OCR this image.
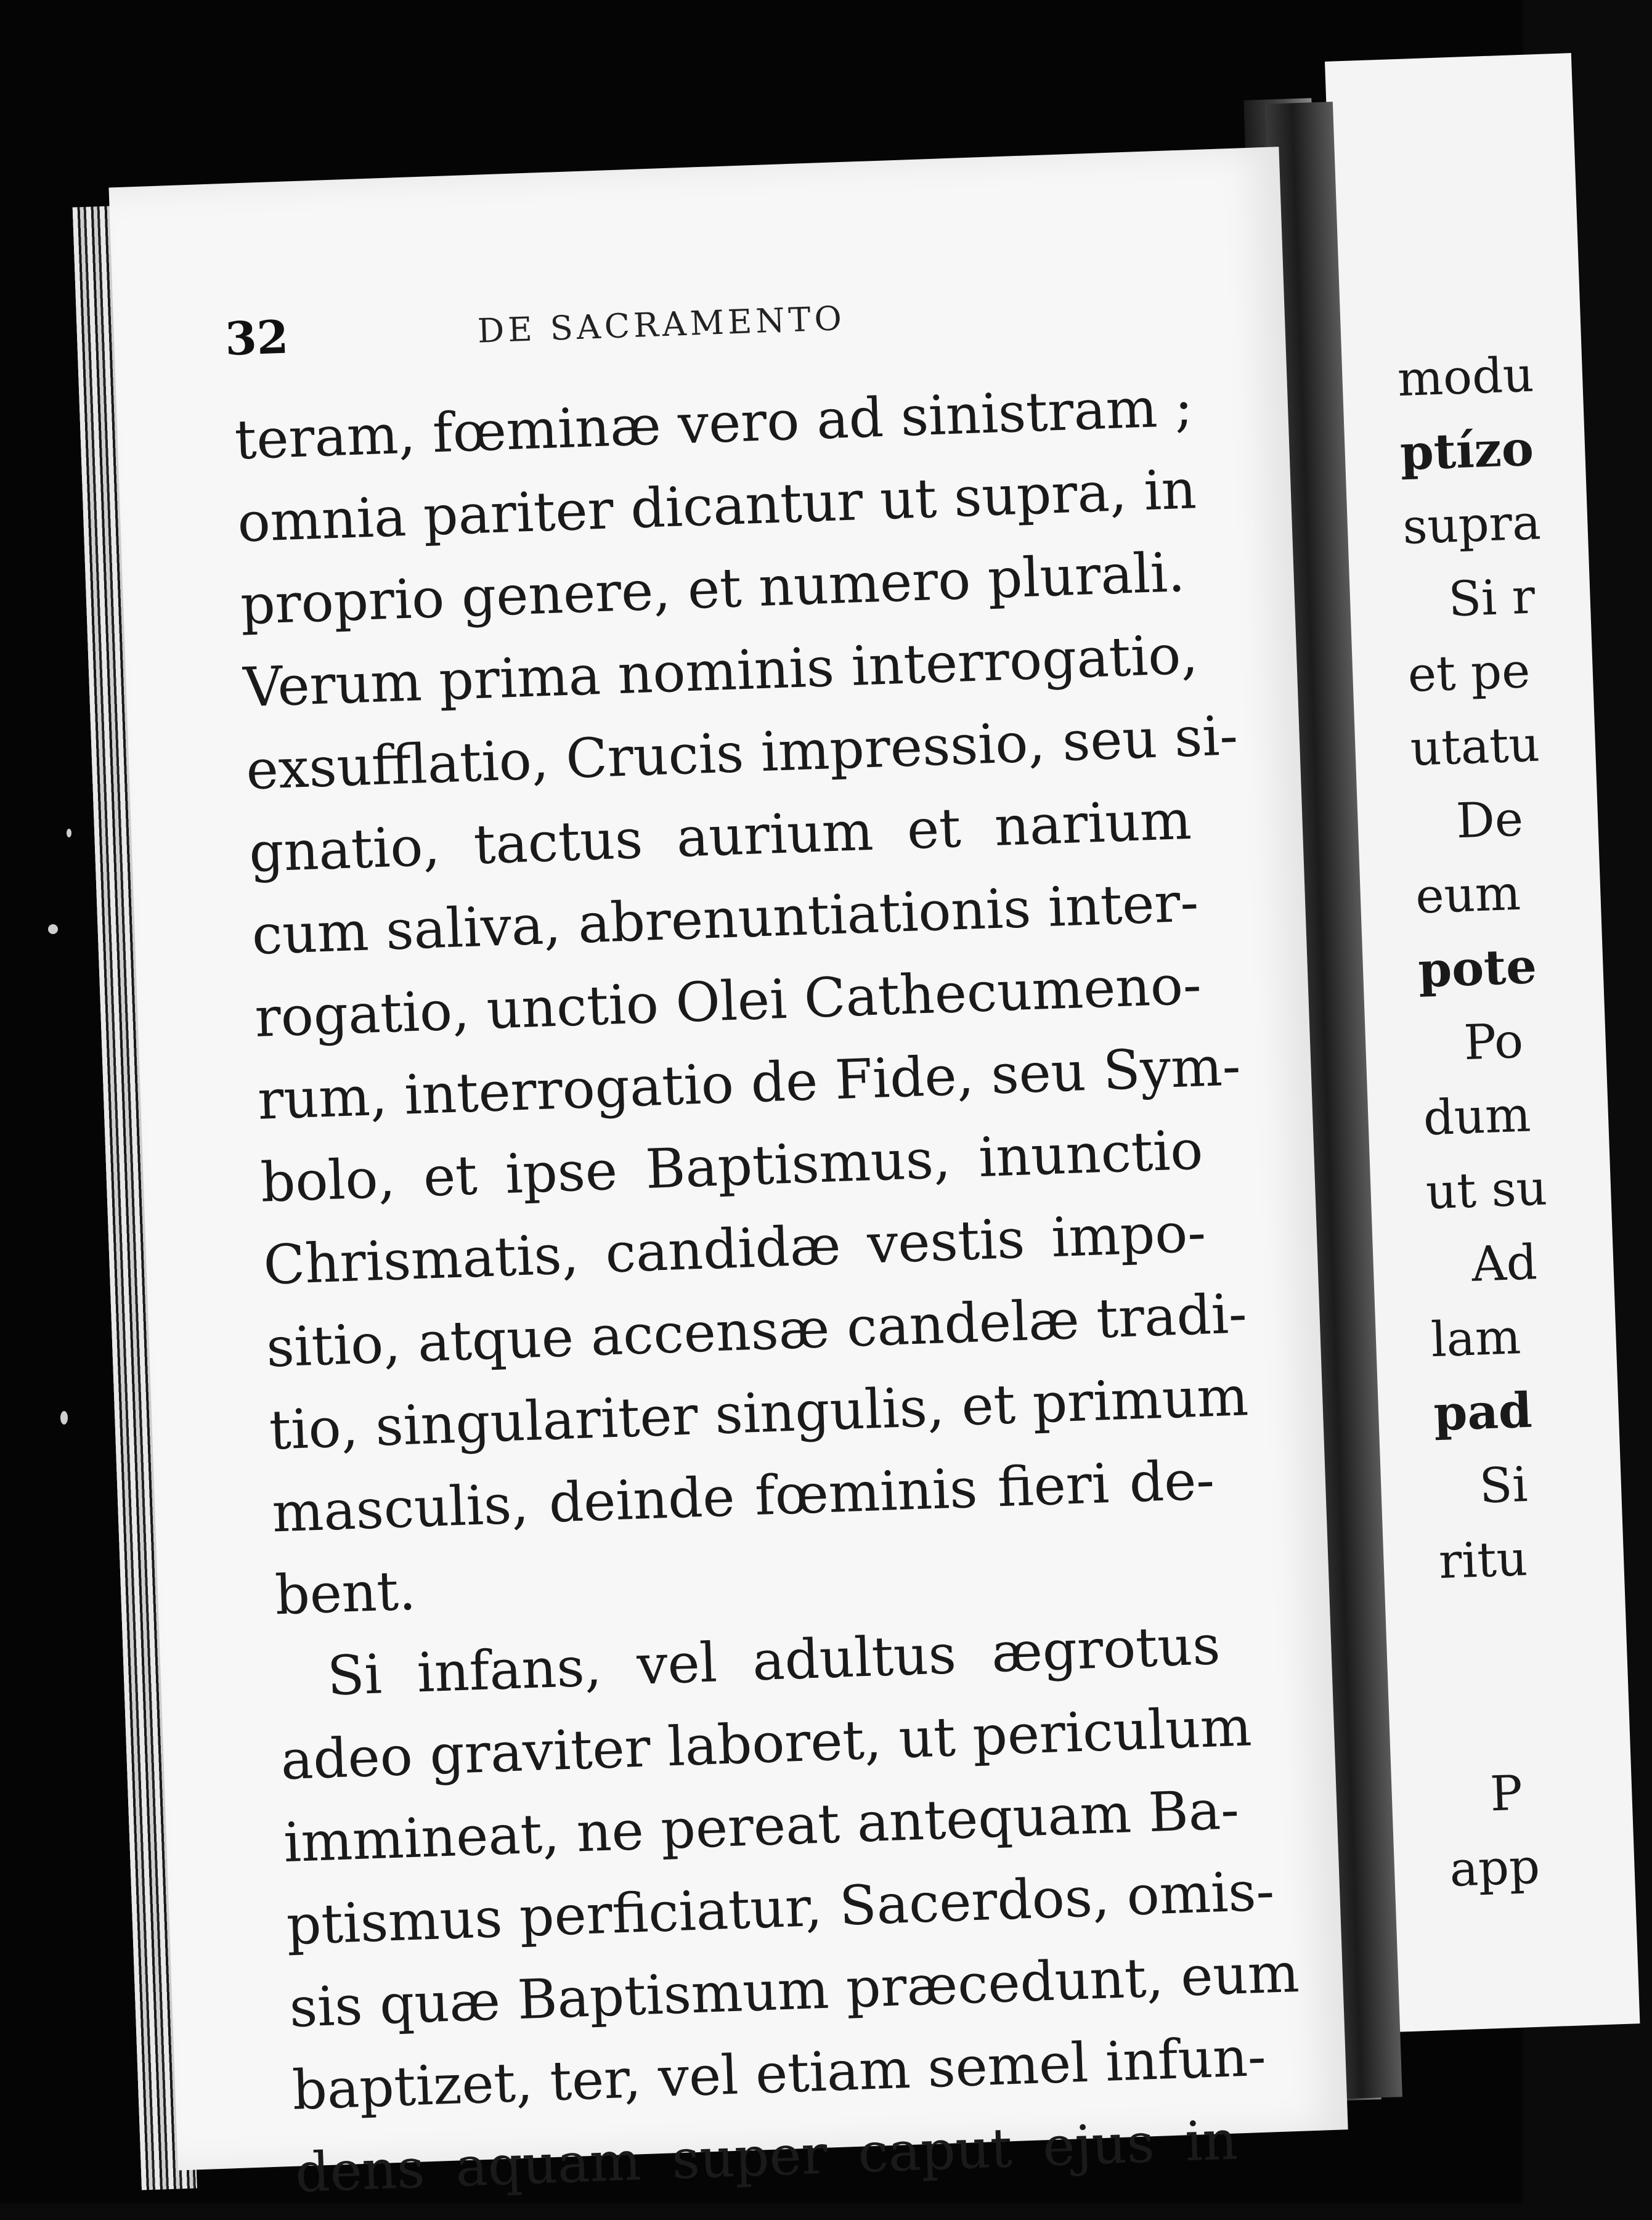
modu
ptízo
supra
Si r
et pe
utatu
De
eum
pote
Po
dum
ut su
Ad
lam
pad
Si
ritu
P
app
32	DE SACRAMENTO
teram, fœminæ vero ad sinistram ;
omnia pariter dicantur ut supra, in
proprio genere, et numero plurali.
Verum prima nominis interrogatio,
exsufflatio, Crucis impressio, seu si-
gnatio, tactus aurium et narium
cum saliva, abrenuntiationis inter-
rogatio, unctio Olei Cathecumeno-
rum, interrogatio de Fide, seu Sym-
bolo, et ipse Baptismus, inunctio
Chrismatis, candidæ vestis impo-
sitio, atque accensæ candelæ tradi-
tio, singulariter singulis, et primum
masculis, deinde fœminis fieri de-
bent.
Si infans, vel adultus ægrotus
adeo graviter laboret, ut periculum
immineat, ne pereat antequam Ba-
ptismus perficiatur, Sacerdos, omis-
sis quæ Baptismum præcedunt, eum
baptizet, ter, vel etiam semel infun-
dens aquam super caput ejus in
